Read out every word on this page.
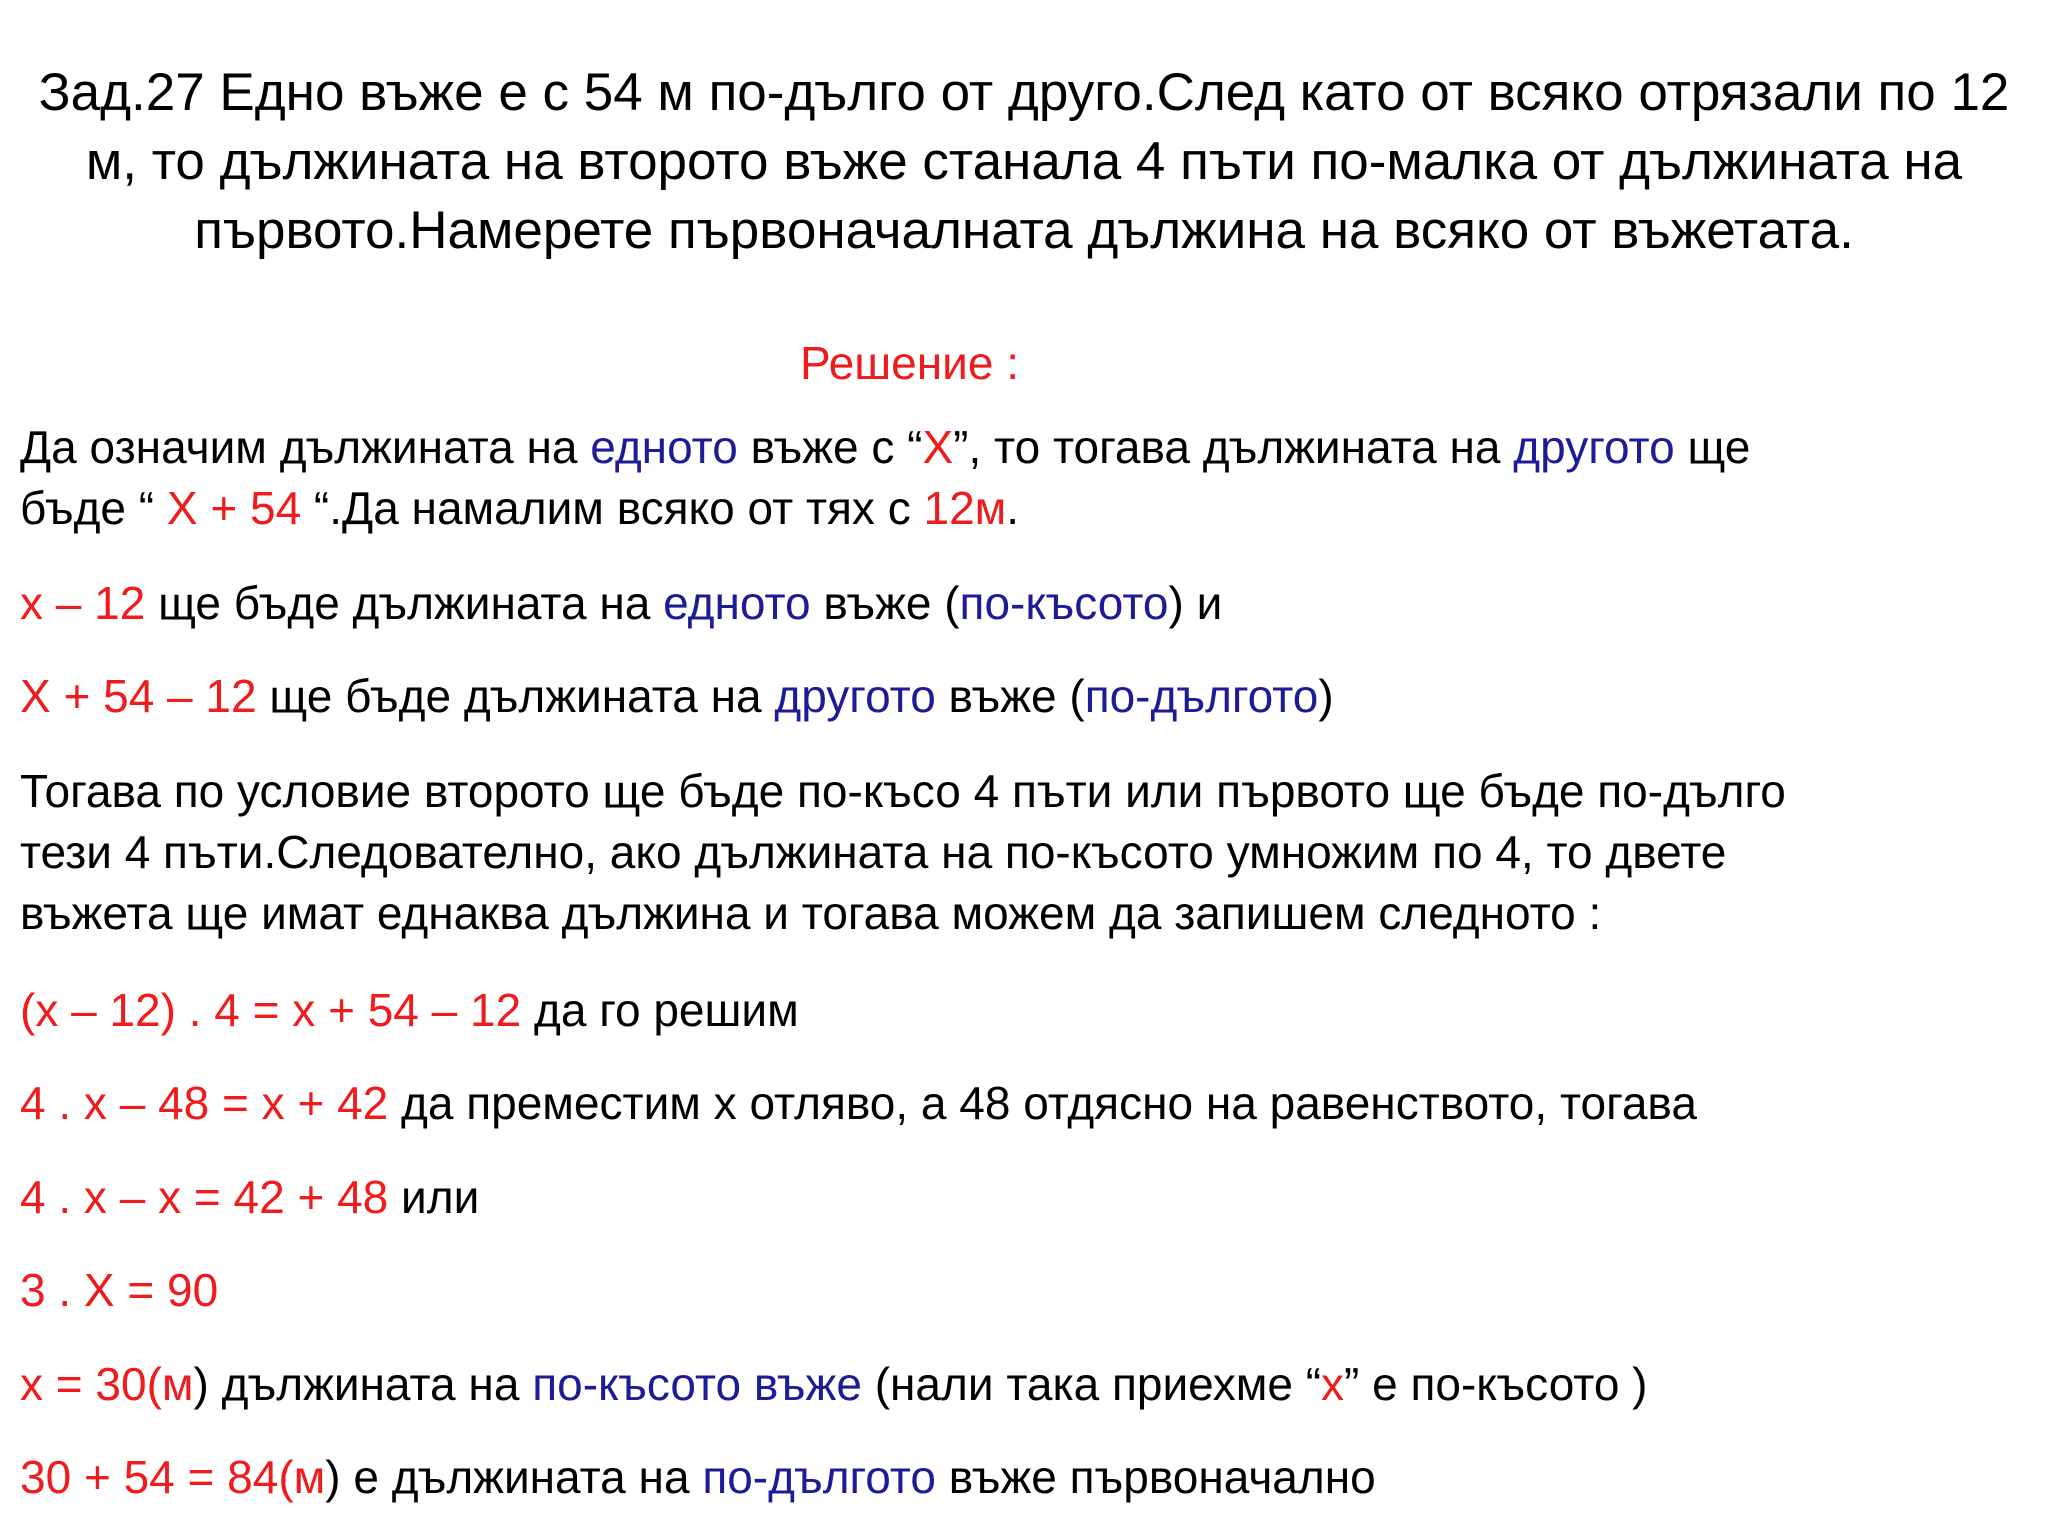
Зад.27 Едно въже е с 54 м по-дълго от друго.След като от всяко отрязали по 12 м, то дължината на второто въже станала 4 пъти по-малка от дължината на първото.Намерете първоначалната дължина на всяко от въжетата.

Решение :

Да означим дължината на едното въже с “Х”, то тогава дължината на другото ще
бъде “ Х + 54 “.Да намалим всяко от тях с 12м.

х – 12 ще бъде дължината на едното въже (по-късото) и

Х + 54 – 12 ще бъде дължината на другото въже (по-дългото)

Тогава по условие второто ще бъде по-късо 4 пъти или първото ще бъде по-дълго
тези 4 пъти.Следователно, ако дължината на по-късото умножим по 4, то двете
въжета ще имат еднаква дължина и тогава можем да запишем следното :

(х – 12) . 4 = х + 54 – 12 да го решим

4 . х – 48 = х + 42 да преместим х отляво, а 48 отдясно на равенството, тогава

4 . х – х = 42 + 48 или

3 . Х = 90

х = 30(м) дължината на по-късото въже (нали така приехме “х” е по-късото )

30 + 54 = 84(м) е дължината на по-дългото въже първоначално
